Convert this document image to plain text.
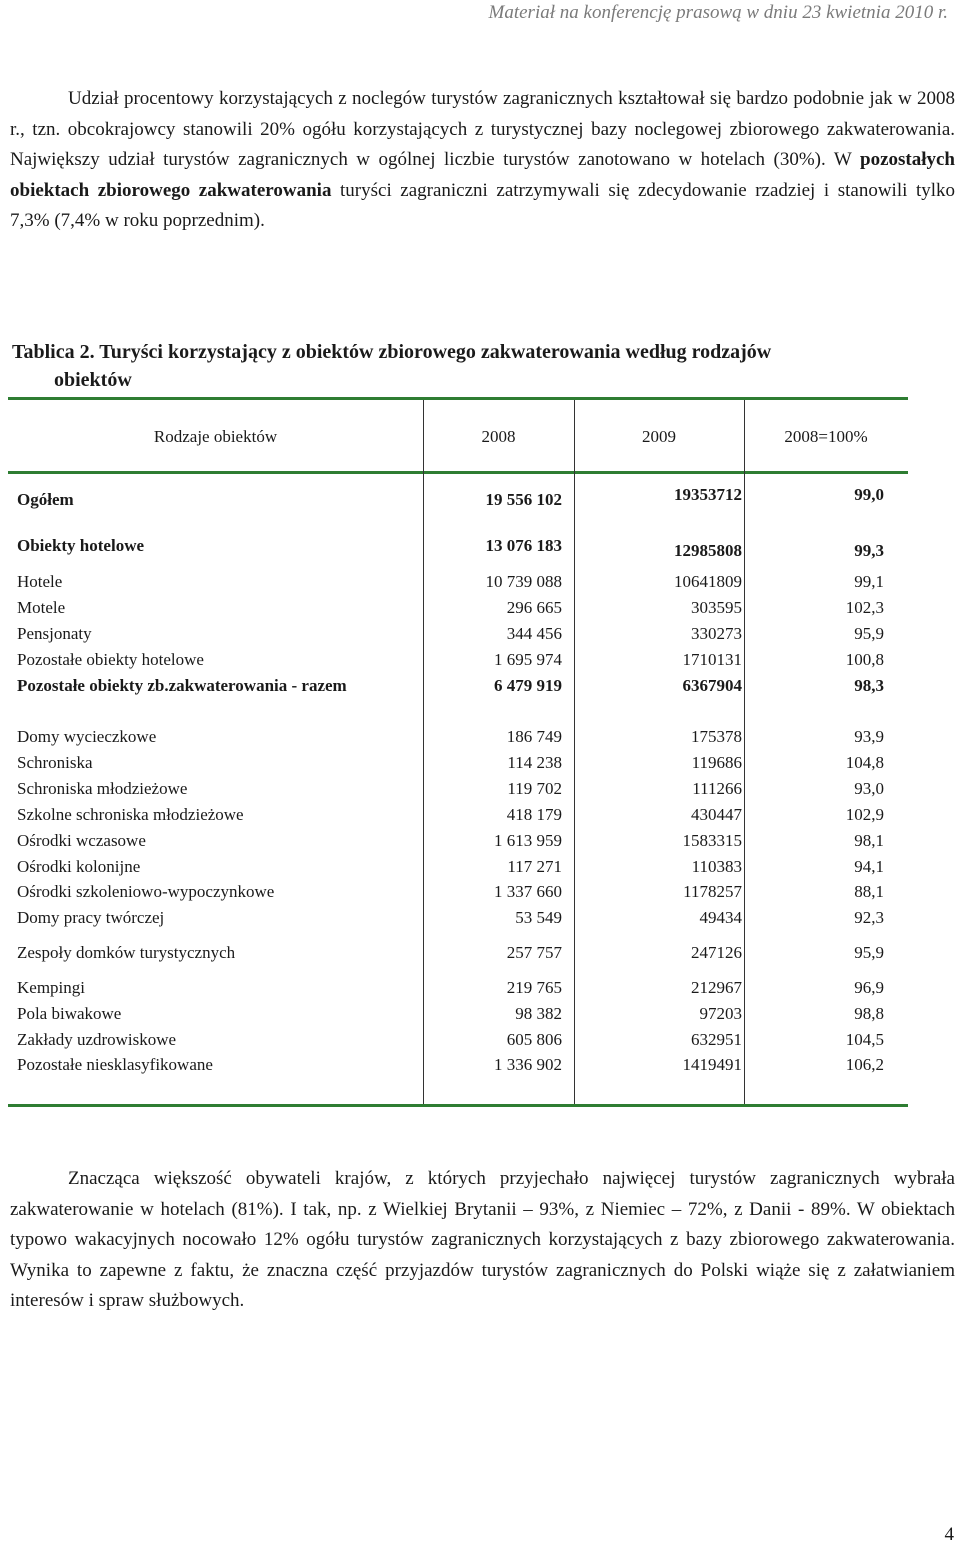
Materiał na konferencję prasową w dniu 23 kwietnia 2010 r.

Udział procentowy korzystających z noclegów turystów zagranicznych kształtował się bardzo podobnie jak w 2008 r., tzn. obcokrajowcy stanowili 20% ogółu korzystających z turystycznej bazy noclegowej zbiorowego zakwaterowania. Największy udział turystów zagranicznych w ogólnej liczbie turystów zanotowano w hotelach (30%). W pozostałych obiektach zbiorowego zakwaterowania turyści zagraniczni zatrzymywali się zdecydowanie rzadziej i stanowili tylko 7,3% (7,4% w roku poprzednim).

Tablica 2. Turyści korzystający z obiektów zbiorowego zakwaterowania według rodzajów
obiektów

Rodzaje obiektów	2008	2009	2008=100%
Ogółem	19 556 102	19353712	99,0
Obiekty hotelowe	13 076 183	12985808	99,3
Hotele	10 739 088	10641809	99,1
Motele	296 665	303595	102,3
Pensjonaty	344 456	330273	95,9
Pozostałe obiekty hotelowe	1 695 974	1710131	100,8
Pozostałe obiekty zb.zakwaterowania - razem	6 479 919	6367904	98,3
Domy wycieczkowe	186 749	175378	93,9
Schroniska	114 238	119686	104,8
Schroniska młodzieżowe	119 702	111266	93,0
Szkolne schroniska młodzieżowe	418 179	430447	102,9
Ośrodki wczasowe	1 613 959	1583315	98,1
Ośrodki kolonijne	117 271	110383	94,1
Ośrodki szkoleniowo-wypoczynkowe	1 337 660	1178257	88,1
Domy pracy twórczej	53 549	49434	92,3
Zespoły domków turystycznych	257 757	247126	95,9
Kempingi	219 765	212967	96,9
Pola biwakowe	98 382	97203	98,8
Zakłady uzdrowiskowe	605 806	632951	104,5
Pozostałe niesklasyfikowane	1 336 902	1419491	106,2

Znacząca większość obywateli krajów, z których przyjechało najwięcej turystów zagranicznych wybrała zakwaterowanie w hotelach (81%). I tak, np. z Wielkiej Brytanii – 93%, z Niemiec – 72%, z Danii - 89%. W obiektach typowo wakacyjnych nocowało 12% ogółu turystów zagranicznych korzystających z bazy zbiorowego zakwaterowania. Wynika to zapewne z faktu, że znaczna część przyjazdów turystów zagranicznych do Polski wiąże się z załatwianiem interesów i spraw służbowych.

4
